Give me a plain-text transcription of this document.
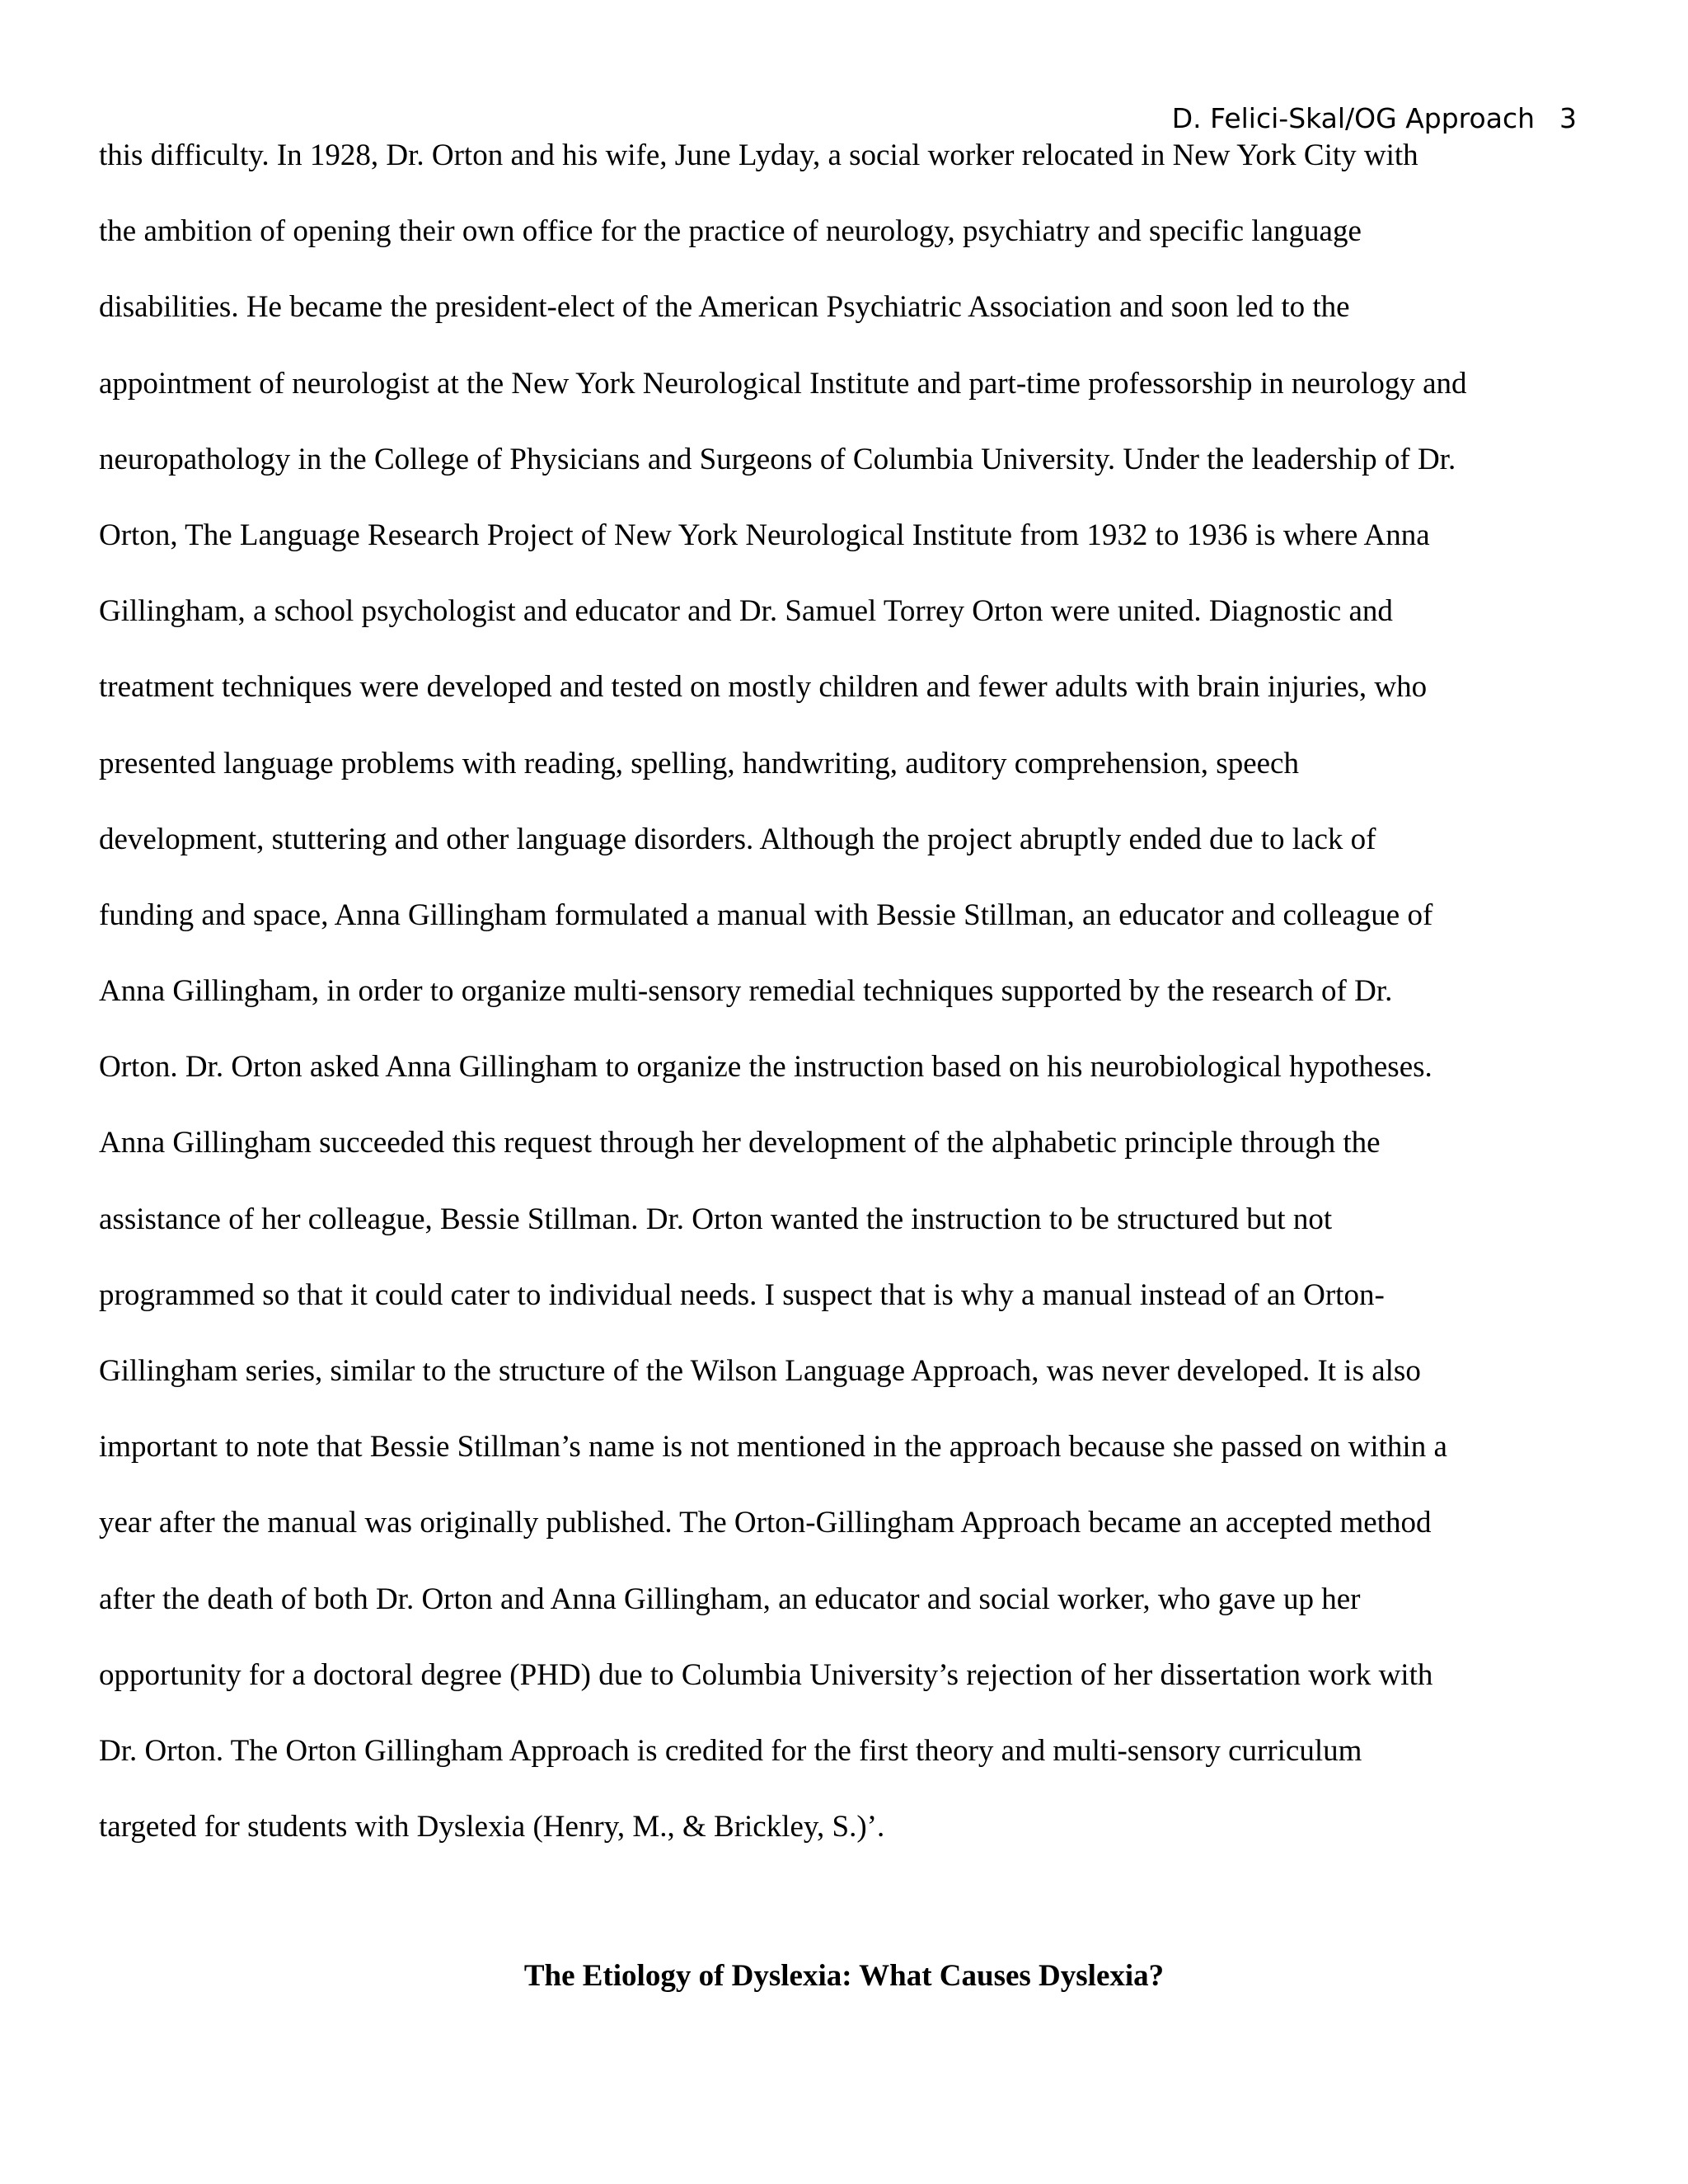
D. Felici-Skal/OG Approach 3
this difficulty. In 1928, Dr. Orton and his wife, June Lyday, a social worker relocated in New York City with
the ambition of opening their own office for the practice of neurology, psychiatry and specific language
disabilities. He became the president-elect of the American Psychiatric Association and soon led to the
appointment of neurologist at the New York Neurological Institute and part-time professorship in neurology and
neuropathology in the College of Physicians and Surgeons of Columbia University. Under the leadership of Dr.
Orton, The Language Research Project of New York Neurological Institute from 1932 to 1936 is where Anna
Gillingham, a school psychologist and educator and Dr. Samuel Torrey Orton were united. Diagnostic and
treatment techniques were developed and tested on mostly children and fewer adults with brain injuries, who
presented language problems with reading, spelling, handwriting, auditory comprehension, speech
development, stuttering and other language disorders. Although the project abruptly ended due to lack of
funding and space, Anna Gillingham formulated a manual with Bessie Stillman, an educator and colleague of
Anna Gillingham, in order to organize multi-sensory remedial techniques supported by the research of Dr.
Orton. Dr. Orton asked Anna Gillingham to organize the instruction based on his neurobiological hypotheses.
Anna Gillingham succeeded this request through her development of the alphabetic principle through the
assistance of her colleague, Bessie Stillman. Dr. Orton wanted the instruction to be structured but not
programmed so that it could cater to individual needs. I suspect that is why a manual instead of an Orton-
Gillingham series, similar to the structure of the Wilson Language Approach, was never developed. It is also
important to note that Bessie Stillman’s name is not mentioned in the approach because she passed on within a
year after the manual was originally published. The Orton-Gillingham Approach became an accepted method
after the death of both Dr. Orton and Anna Gillingham, an educator and social worker, who gave up her
opportunity for a doctoral degree (PHD) due to Columbia University’s rejection of her dissertation work with
Dr. Orton. The Orton Gillingham Approach is credited for the first theory and multi-sensory curriculum
targeted for students with Dyslexia (Henry, M., & Brickley, S.)’.
The Etiology of Dyslexia: What Causes Dyslexia?
